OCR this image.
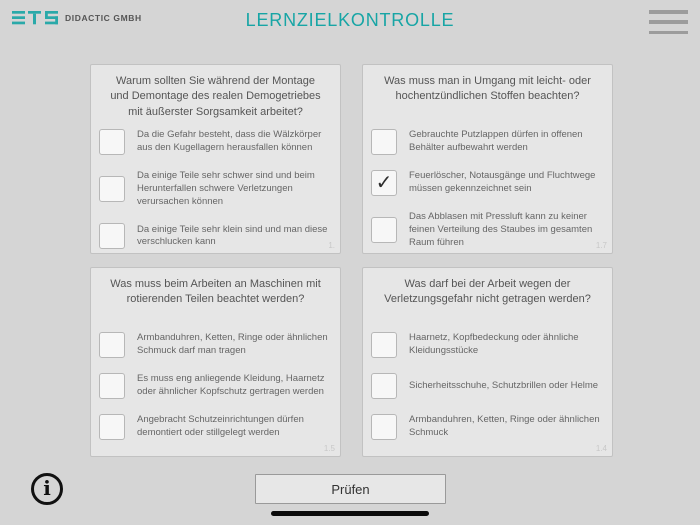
DIDACTIC GMBH	LERNZIELKONTROLLE
Warum sollten Sie während der Montage und Demontage des realen Demogetriebes mit äußerster Sorgsamkeit arbeitet?
Da die Gefahr besteht, dass die Wälzkörper aus den Kugellagern herausfallen können
Da einige Teile sehr schwer sind und beim Herunterfallen schwere Verletzungen verursachen können
Da einige Teile sehr klein sind und man diese verschlucken kann	1.
Was muss man in Umgang mit leicht- oder hochentzündlichen Stoffen beachten?
Gebrauchte Putzlappen dürfen in offenen Behälter aufbewahrt werden
✓	Feuerlöscher, Notausgänge und Fluchtwege müssen gekennzeichnet sein
Das Abblasen mit Pressluft kann zu keiner feinen Verteilung des Staubes im gesamten Raum führen	1.7
Was muss beim Arbeiten an Maschinen mit rotierenden Teilen beachtet werden?
Armbanduhren, Ketten, Ringe oder ähnlichen Schmuck darf man tragen
Es muss eng anliegende Kleidung, Haarnetz oder ähnlicher Kopfschutz gertragen werden
Angebracht Schutzeinrichtungen dürfen demontiert oder stillgelegt werden
1.5
Was darf bei der Arbeit wegen der Verletzungsgefahr nicht getragen werden?
Haarnetz, Kopfbedeckung oder ähnliche Kleidungsstücke
Sicherheitsschuhe, Schutzbrillen oder Helme
Armbanduhren, Ketten, Ringe oder ähnlichen Schmuck
1.4
i	Prüfen
